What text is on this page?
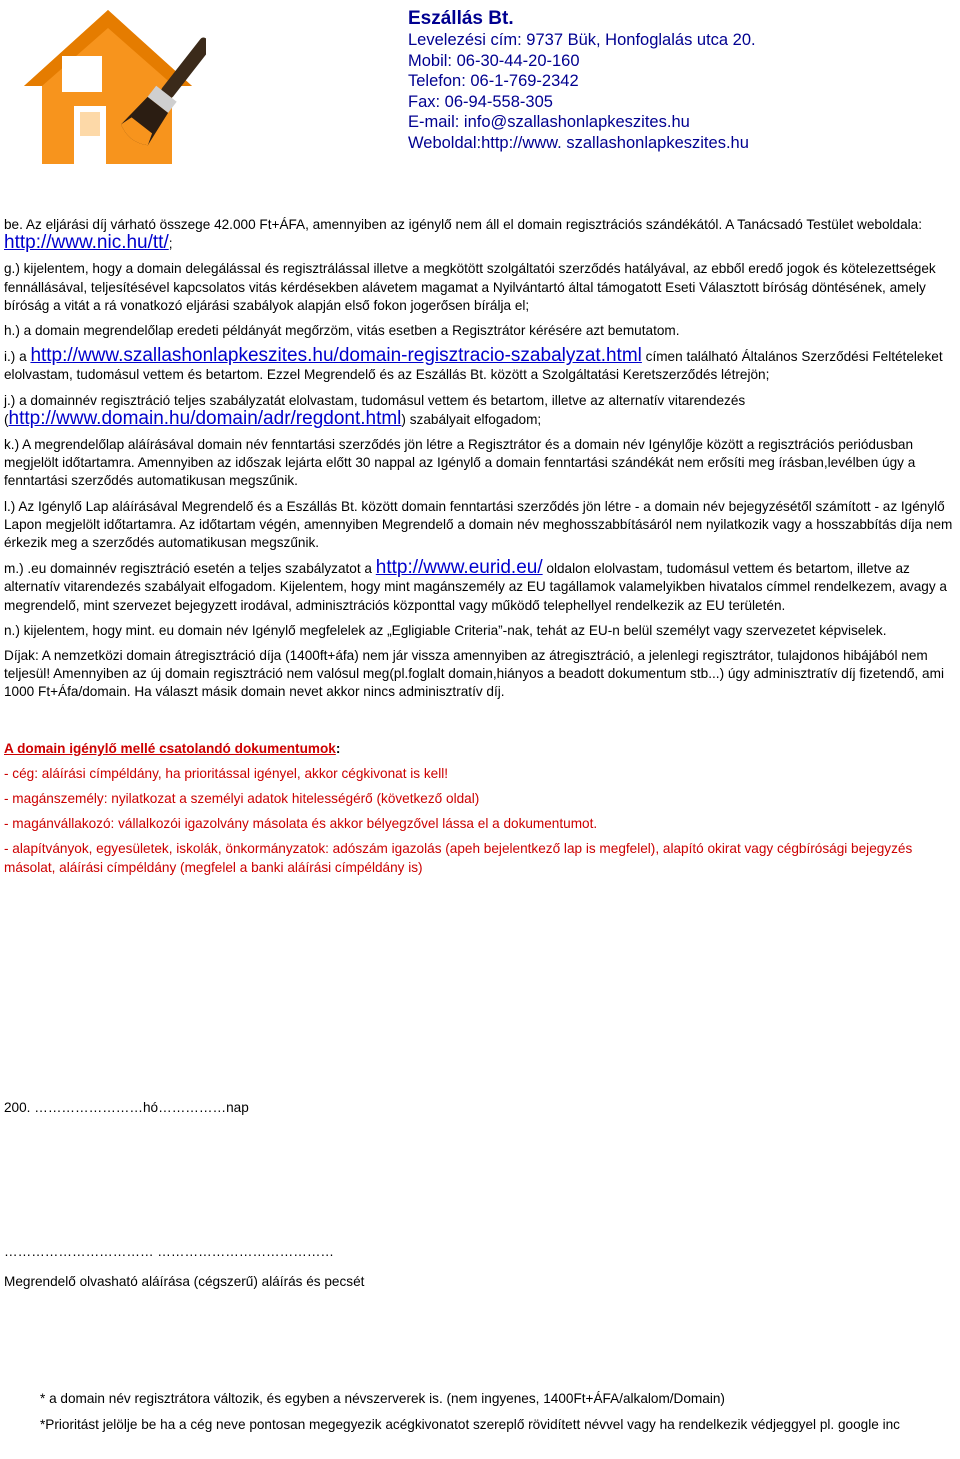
Eszállás Bt.
Levelezési cím: 9737 Bük, Honfoglalás utca 20.
Mobil: 06-30-44-20-160
Telefon: 06-1-769-2342
Fax: 06-94-558-305
E-mail: info@szallashonlapkeszites.hu
Weboldal:http://www. szallashonlapkeszites.hu

be. Az eljárási díj várható összege 42.000 Ft+ÁFA, amennyiben az igénylő nem áll el domain regisztrációs szándékától. A Tanácsadó Testület weboldala: http://www.nic.hu/tt/;

g.) kijelentem, hogy a domain delegálással és regisztrálással illetve a megkötött szolgáltatói szerződés hatályával, az ebből eredő jogok és kötelezettségek fennállásával, teljesítésével kapcsolatos vitás kérdésekben alávetem magamat a Nyilvántartó által támogatott Eseti Választott bíróság döntésének, amely bíróság a vitát a rá vonatkozó eljárási szabályok alapján első fokon jogerősen bírálja el;

h.) a domain megrendelőlap eredeti példányát megőrzöm, vitás esetben a Regisztrátor kérésére azt bemutatom.

i.) a http://www.szallashonlapkeszites.hu/domain-regisztracio-szabalyzat.html címen található Általános Szerződési Feltételeket elolvastam, tudomásul vettem és betartom. Ezzel Megrendelő és az Eszállás Bt. között a Szolgáltatási Keretszerződés létrejön;

j.) a domainnév regisztráció teljes szabályzatát elolvastam, tudomásul vettem és betartom, illetve az alternatív vitarendezés (http://www.domain.hu/domain/adr/regdont.html) szabályait elfogadom;

k.) A megrendelőlap aláírásával domain név fenntartási szerződés jön létre a Regisztrátor és a domain név Igénylője között a regisztrációs periódusban megjelölt időtartamra. Amennyiben az időszak lejárta előtt 30 nappal az Igénylő a domain fenntartási szándékát nem erősíti meg írásban,levélben úgy a fenntartási szerződés automatikusan megszűnik.

l.) Az Igénylő Lap aláírásával Megrendelő és a Eszállás Bt. között domain fenntartási szerződés jön létre - a domain név bejegyzésétől számított - az Igénylő Lapon megjelölt időtartamra. Az időtartam végén, amennyiben Megrendelő a domain név meghosszabbításáról nem nyilatkozik vagy a hosszabbítás díja nem érkezik meg a szerződés automatikusan megszűnik.

m.) .eu domainnév regisztráció esetén a teljes szabályzatot a http://www.eurid.eu/ oldalon elolvastam, tudomásul vettem és betartom, illetve az alternatív vitarendezés szabályait elfogadom. Kijelentem, hogy mint magánszemély az EU tagállamok valamelyikben hivatalos címmel rendelkezem, avagy a megrendelő, mint szervezet bejegyzett irodával, adminisztrációs központtal vagy működő telephellyel rendelkezik az EU területén.

n.) kijelentem, hogy mint. eu domain név Igénylő megfelelek az „Egligiable Criteria”-nak, tehát az EU-n belül személyt vagy szervezetet képviselek.

Díjak: A nemzetközi domain átregisztráció díja (1400ft+áfa) nem jár vissza amennyiben az átregisztráció, a jelenlegi regisztrátor, tulajdonos hibájából nem teljesül! Amennyiben az új domain regisztráció nem valósul meg(pl.foglalt domain,hiányos a beadott dokumentum stb...) úgy adminisztratív díj fizetendő, ami 1000 Ft+Áfa/domain. Ha választ másik domain nevet akkor nincs adminisztratív díj.

A domain igénylő mellé csatolandó dokumentumok:

- cég: aláírási címpéldány, ha prioritással igényel, akkor cégkivonat is kell!

- magánszemély: nyilatkozat a személyi adatok hitelességérő (következő oldal)

- magánvállakozó: vállalkozói igazolvány másolata és akkor bélyegzővel lássa el a dokumentumot.

- alapítványok, egyesületek, iskolák, önkormányzatok: adószám igazolás (apeh bejelentkező lap is megfelel), alapító okirat vagy cégbírósági bejegyzés másolat, aláírási címpéldány (megfelel a banki aláírási címpéldány is)

200. ……………………hó……………nap
…………………………… …………………………………
Megrendelő olvasható aláírása (cégszerű) aláírás és pecsét

* a domain név regisztrátora változik, és egyben a névszerverek is. (nem ingyenes, 1400Ft+ÁFA/alkalom/Domain)

*Prioritást jelölje be ha a cég neve pontosan megegyezik acégkivonatot szereplő rövidített névvel vagy ha rendelkezik védjeggyel pl. google inc
